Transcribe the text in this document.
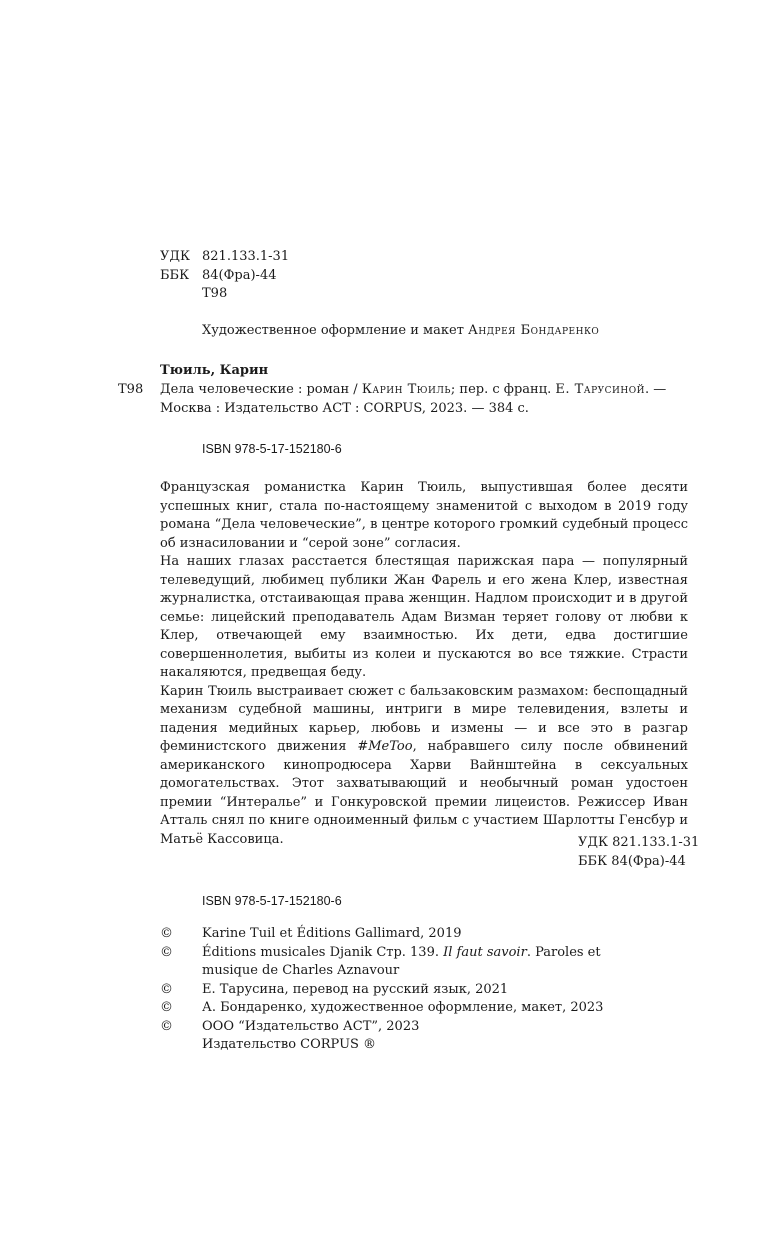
УДК 821.133.1-31
ББК 84(Фра)-44
Т98
Художественное оформление и макет Андрея Бондаренко
Тюиль, Карин
Т98 Дела человеческие : роман / Карин Тюиль; пер. с франц. Е. Тарусиной. —
Москва : Издательство АСТ : CORPUS, 2023. — 384 с.
ISBN 978-5-17-152180-6

Французская романистка Карин Тюиль, выпустившая более десяти успешных книг, стала по-настоящему знаменитой с выходом в 2019 году романа “Дела человеческие”, в центре которого громкий судебный процесс об изнасиловании и “серой зоне” согласия.

На наших глазах расстается блестящая парижская пара — популярный телеведущий, любимец публики Жан Фарель и его жена Клер, известная журналистка, отстаивающая права женщин. Надлом происходит и в другой семье: лицейский преподаватель Адам Визман теряет голову от любви к Клер, отвечающей ему взаимностью. Их дети, едва достигшие совершеннолетия, выбиты из колеи и пускаются во все тяжкие. Страсти накаляются, предвещая беду.

Карин Тюиль выстраивает сюжет с бальзаковским размахом: беспощадный механизм судебной машины, интриги в мире телевидения, взлеты и падения медийных карьер, любовь и измены — и все это в разгар феминистского движения #MeToo, набравшего силу после обвинений американского кинопродюсера Харви Вайнштейна в сексуальных домогательствах. Этот захватывающий и необычный роман удостоен премии “Интералье” и Гонкуровской премии лицеистов. Режиссер Иван Атталь снял по книге одноименный фильм с участием Шарлотты Генсбур и Матьё Кассовица.	УДК 821.133.1-31
ББК 84(Фра)-44
ISBN 978-5-17-152180-6
©	Karine Tuil et Éditions Gallimard, 2019
©	Éditions musicales Djanik Стр. 139. Il faut savoir. Paroles et musique de Charles Aznavour
©	Е. Тарусина, перевод на русский язык, 2021
©	А. Бондаренко, художественное оформление, макет, 2023
©	ООО “Издательство АСТ”, 2023
Издательство CORPUS ®
